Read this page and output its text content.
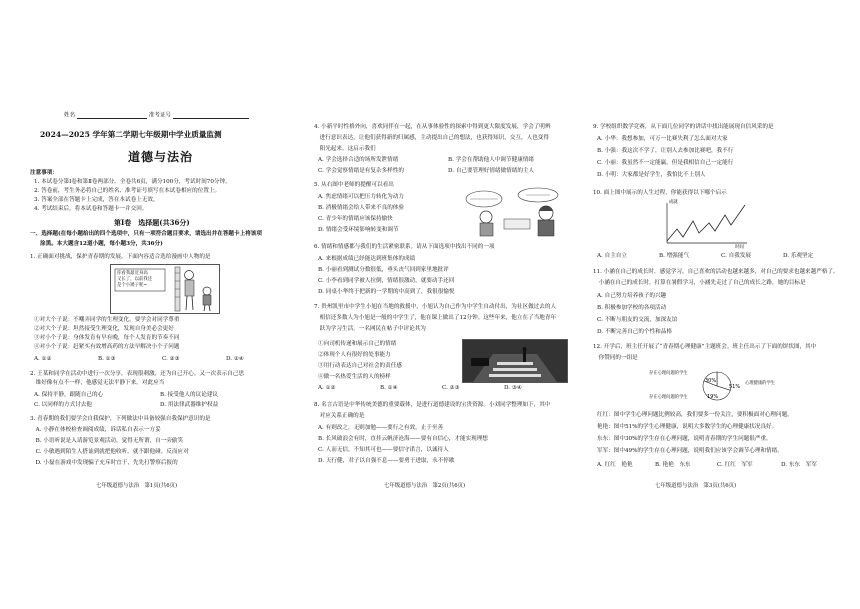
姓名	准考证号
2024—2025 学年第二学期七年级期中学业质量监测
道德与法治
注意事项：
1. 本试卷分第Ⅰ卷和第Ⅱ卷两部分。全卷共6页，满分100分，考试时间70分钟。
2. 答卷前，考生务必将自己的姓名、准考证号填写在本试卷相应的位置上。
3. 答案全部在答题卡上完成，答在本试卷上无效。
4. 考试结束后，将本试卷和答题卡一并交回。
第Ⅰ卷　选择题(共36分)
一、选择题(在每小题给出的四个选项中，只有一项符合题目要求，请选出并在答题卡上将该项
涂黑。本大题含12道小题，每小题3分，共36分)
1. 正确面对挑战，保护青春期的发展，下面内容适合选给漫画中人物的是
你看我最近身高
又长了，以前我还
是个小矮子呢~
①对大个子说：不嘲弄同学的生理变化，要学会对同学尊重
②对大个子说：坦然接受生理变化，发现自身美必会更好
③对小个子说：身体发育有早有晚，每个人发育的节奏不同
④对小个子说：赶紧买有效增高药的方法早解决小个子问题
A. ①②	B. ①③	C. ②③	D. ②④
2. 王某和同学在活动中进行一次分享，表现很刺激，还为自己开心。又一次表示自己思
　维好像有点不一样，他感觉无法平静下来。对此应当
A. 保持平静，跟随自己的心	B. 接受他人的议论建议
C. 以同样的方式讨去他	D. 用法律武器维护权益
3. 青春期的我们要学会自我保护，下列做法中具备较强自我保护意识的是
　A. 小静在体校检查调阅成绩，诉话私自表示一方妥
　B. 小语听说是入请游览景观活动，觉得无所谓，自一旁偷笑
　C. 小敏遇到陌生人搭讪到就把他收听。就不跟他碰。反而应对
　D. 小磊在游戏中发现骗子充斥时宜于，先先打警察后报的
七年级道德与法治　第1页(共6页)
4. 小新平时性格外向，喜欢同伴在一起，在从事体验性的探索中得到更大限度发展，学会了明辨
　进行意识表达，让他们获得新的归属感，主动提出自己的想法，也获得知识，交互，人也变得
　阳光起来。这启示我们
A. 学会选择合适的场所发泄情绪	B. 学会在帮助他人中调节健康情绪
C. 学会觉察情绪是有复杂多样性的	D. 自己要管理好情绪做情绪的主人
5. 从右图中老师的提醒可以看出
A. 焦虑情绪可以把压力转化为动力
B. 消极情绪会给人带来不良的体验
C. 青少年的情绪应该保持愉快
D. 情绪会受环境影响转变和调节
6. 情绪和情感都与我们的生活紧密联系。请从下面选项中找出不同的一项
A. 来根据成绩已经能达到班集体的成绩
B. 小丽看到测试分数很低，垂头丧气回到家里地批评
C. 小李看到同学被人拉倒，情绪很激动，就要动手还回
D. 同桌小华终于把新的一学期的中高到了，我很很愉悦
7. 贵州凯里市中学生小旭在当地的救援中，小旭认为自己作为中学生自动付出，为社区做过去的人
　相信还多数人为小旭是一般的中学生了，他在课上做出了12分钟。这些年来，他立在了当地青年
　跃为学习生活。一名网民在帖子中评论其为
①向司机传递和展示自己的情绪
②体现个人有很好的处事能力
③用行动表达自己对社会的责任感
④做一名热爱生活的人的榜样
A. ①②	B. ①④	C. ②③	D. ③④
8. 名言古语是中华传统美德的重要载体，是进行道德建设的宝贵资源。小刘同学整理如下，其中
　对应关系正确的是
A. 有则改之，无则加勉——要行之有效，止于至善
B. 长风破浪会有时，直挂云帆济沧海——要有自信心，才能实现理想
C. 人而无信，不知其可也——要信守诺言，以诚待人
D. 天行健，君子以自强不息——要勇于进取，永不停歇
七年级道德与法治　第2页(共6页)
9. 学校组织数学竞赛，从下面几位同学的讲话中找出能展现自信风采的是
A. 小华：我想参加，可万一比赛失利了怎么面对大家
B. 小强：我这次不学了，让别人去参加比赛吧，我不行
C. 小丽：我虽然不一定能赢，但是我相信自己一定能行
D. 小明：大家都是好学生，我怕比不上别人
10. 面上图中展示的人生过程，你能获得以下哪个启示
成就
时间
A. 自主自立	B. 增强能气	C. 自我发展	D. 乐观坚定
11. 小涵在自己的成长时，感觉学习，自己喜欢的活动也越来越多，对自己的要求也越来越严格了。
　小涵在自己的成长时，打算在暑假学习，小涵先走过了自己的成长之路，她的目标是
A. 自己努力培养孩子的兴趣
B. 积极参加学校的各项活动
C. 不断与朋友的交流，加深友谊
D. 不断完善自己的个性和品格
12. 开学后，班主任开展了“青春期心理健康”主题班会。班主任出示了下面的饼状图，其中
　你赞同的一组是
51%
30%
19%
存在心理问题的学生
心理健康的学生
存在心理问题的学生
红红：图中学生心理问题比例较高，我们要多一份关注，要积极面对心理问题。
艳艳：图中51%的学生心理健康，说明大多数学生的心理健康状况良好。
东东：图中30%的学生存在心理问题，说明青春期的学生问题很严重。
军军：图中49%的学生存在心理问题，说明我们应该学会调节心理和情绪。
A. 红红　艳艳	B. 艳艳　东东	C. 红红　军军	D. 东东　军军
七年级道德与法治　第3页(共6页)
